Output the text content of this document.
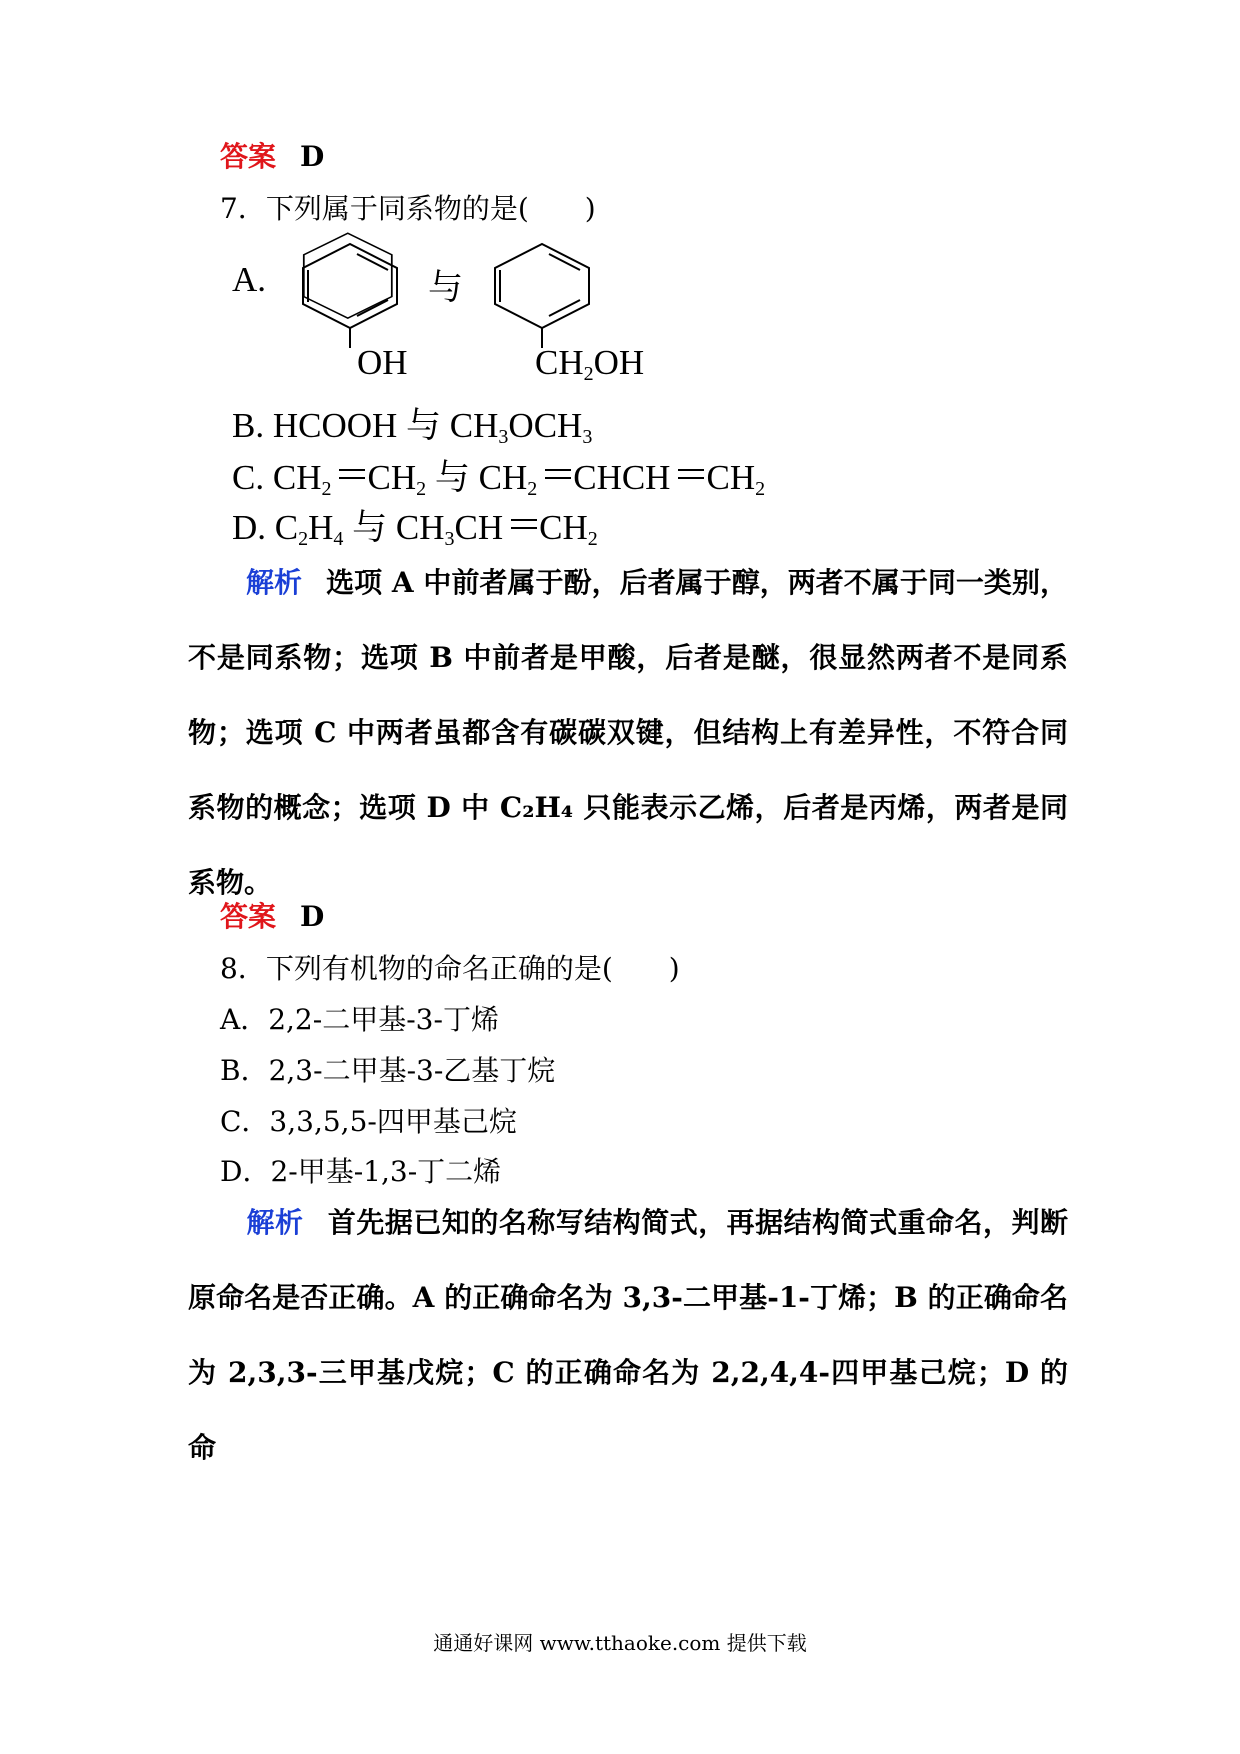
答案 D
7．下列属于同系物的是(　　)
A.
OH
与
$CH_2OH$
B. HCOOH 与 $CH_3OCH_3$
C. $CH_2$ $CH_2$ 与 $CH_2$ CHCH $CH_2$
D. $C_2H_4$ 与 $CH_3CH$ $CH_2$
解析 选项 A 中前者属于酚，后者属于醇，两者不属于同一类别，不是同系物；选项 B 中前者是甲酸，后者是醚，很显然两者不是同系物；选项 C 中两者虽都含有碳碳双键，但结构上有差异性，不符合同系物的概念；选项 D 中 C₂H₄ 只能表示乙烯，后者是丙烯，两者是同系物。
答案 D
8．下列有机物的命名正确的是(　　)
A．2,2-二甲基-3-丁烯
B．2,3-二甲基-3-乙基丁烷
C．3,3,5,5-四甲基己烷
D．2-甲基-1,3-丁二烯
解析 首先据已知的名称写结构简式，再据结构简式重命名，判断原命名是否正确。A 的正确命名为 3,3-二甲基-1-丁烯；B 的正确命名为 2,3,3-三甲基戊烷；C 的正确命名为 2,2,4,4-四甲基己烷；D 的命
通通好课网 www.tthaoke.com 提供下载
